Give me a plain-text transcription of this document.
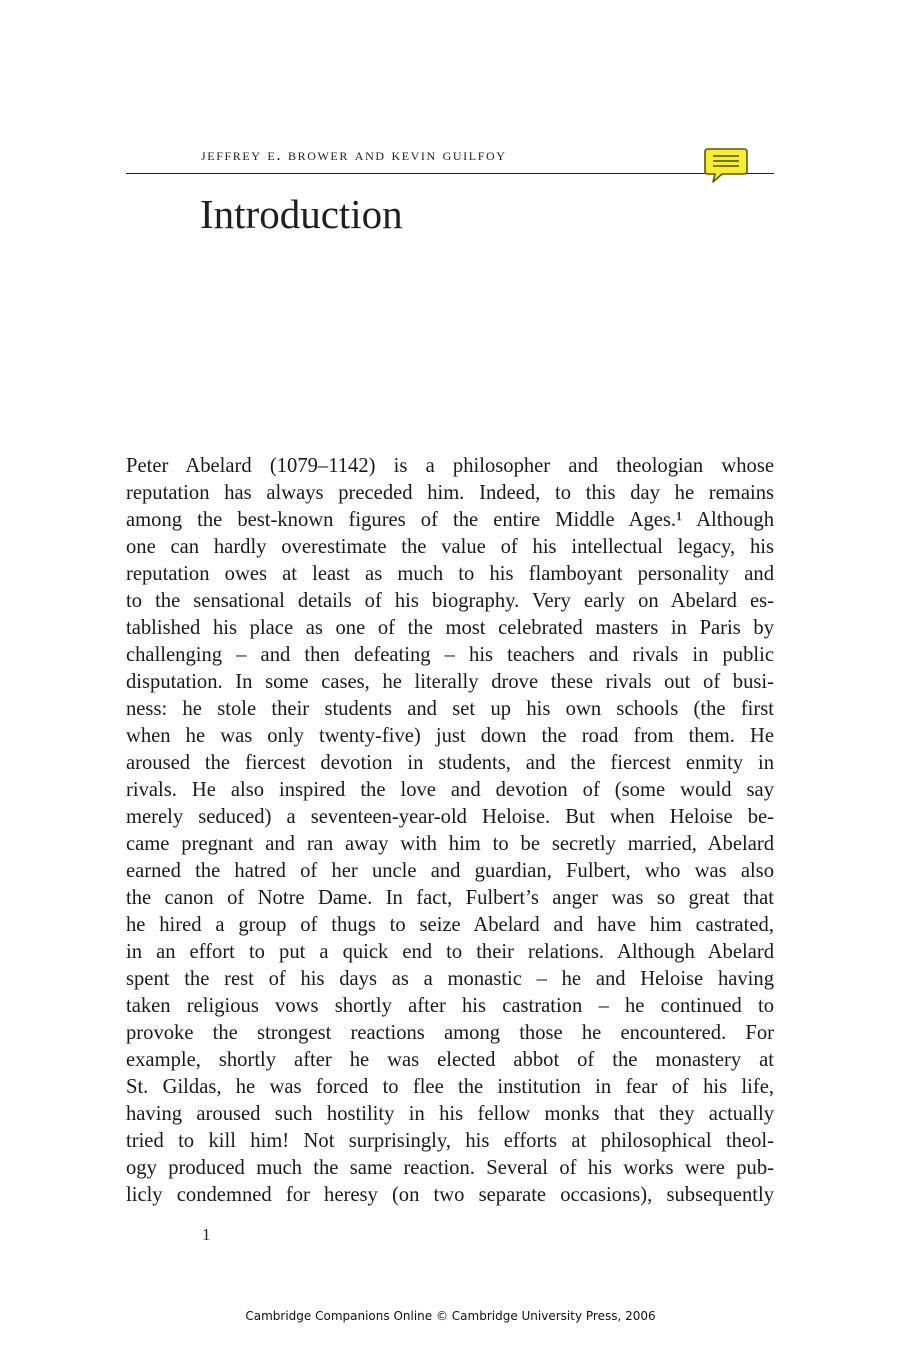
jeffrey e. brower and kevin guilfoy
Introduction
Peter Abelard (1079–1142) is a philosopher and theologian whose
reputation has always preceded him. Indeed, to this day he remains
among the best-known figures of the entire Middle Ages.¹ Although
one can hardly overestimate the value of his intellectual legacy, his
reputation owes at least as much to his flamboyant personality and
to the sensational details of his biography. Very early on Abelard es-
tablished his place as one of the most celebrated masters in Paris by
challenging – and then defeating – his teachers and rivals in public
disputation. In some cases, he literally drove these rivals out of busi-
ness: he stole their students and set up his own schools (the first
when he was only twenty-five) just down the road from them. He
aroused the fiercest devotion in students, and the fiercest enmity in
rivals. He also inspired the love and devotion of (some would say
merely seduced) a seventeen-year-old Heloise. But when Heloise be-
came pregnant and ran away with him to be secretly married, Abelard
earned the hatred of her uncle and guardian, Fulbert, who was also
the canon of Notre Dame. In fact, Fulbert’s anger was so great that
he hired a group of thugs to seize Abelard and have him castrated,
in an effort to put a quick end to their relations. Although Abelard
spent the rest of his days as a monastic – he and Heloise having
taken religious vows shortly after his castration – he continued to
provoke the strongest reactions among those he encountered. For
example, shortly after he was elected abbot of the monastery at
St. Gildas, he was forced to flee the institution in fear of his life,
having aroused such hostility in his fellow monks that they actually
tried to kill him! Not surprisingly, his efforts at philosophical theol-
ogy produced much the same reaction. Several of his works were pub-
licly condemned for heresy (on two separate occasions), subsequently
1
Cambridge Companions Online © Cambridge University Press, 2006
